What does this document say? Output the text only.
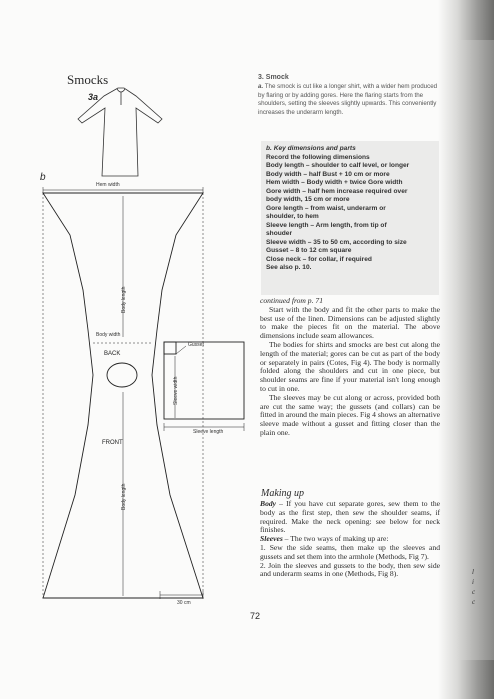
l
i
c
c
Smocks
3a
b
Hem width
Body length
Body width
BACK
FRONT
Body length
Gusset
Sleeve width
Sleeve length
30 cm
3. Smock
a. The smock is cut like a longer shirt, with a wider hem produced by flaring or by adding gores. Here the flaring starts from the shoulders, setting the sleeves slightly upwards. This conveniently increases the underarm length.
b. Key dimensions and parts
Record the following dimensions
Body length – shoulder to calf level, or longer
Body width – half Bust + 10 cm or more
Hem width – Body width + twice Gore width
Gore width – half hem increase required over
body width, 15 cm or more
Gore length – from waist, underarm or
shoulder, to hem
Sleeve length – Arm length, from tip of
shouder
Sleeve width – 35 to 50 cm, according to size
Gusset – 8 to 12 cm square
Close neck – for collar, if required
See also p. 10.

continued from p. 71

Start with the body and fit the other parts to make the best use of the linen. Dimensions can be adjusted slightly to make the pieces fit on the material. The above dimensions include seam allowances.

The bodies for shirts and smocks are best cut along the length of the material; gores can be cut as part of the body or separately in pairs (Cotes, Fig 4). The body is normally folded along the shoulders and cut in one piece, but shoulder seams are fine if your material isn't long enough to cut in one.

The sleeves may be cut along or across, provided both are cut the same way; the gussets (and collars) can be fitted in around the main pieces. Fig 4 shows an alternative sleeve made without a gusset and fitting closer than the plain one.

Making up

Body – If you have cut separate gores, sew them to the body as the first step, then sew the shoulder seams, if required. Make the neck opening: see below for neck finishes.

Sleeves – The two ways of making up are:

1. Sew the side seams, then make up the sleeves and gussets and set them into the armhole (Methods, Fig 7).

2. Join the sleeves and gussets to the body, then sew side and underarm seams in one (Methods, Fig 8).

72
